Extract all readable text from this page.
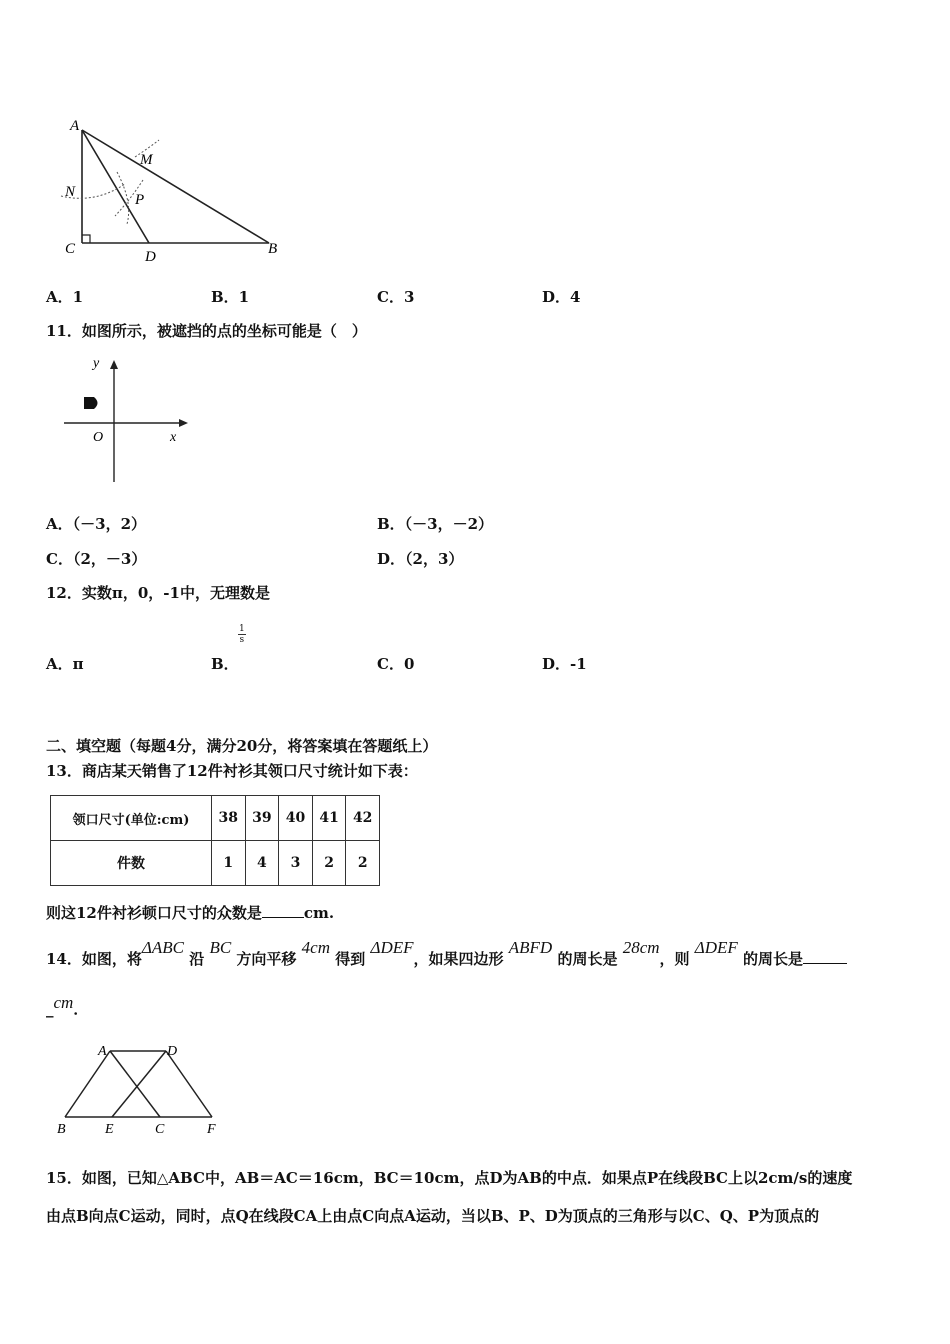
A
M
N	P
C	D	B
A．1	B．1	C．3	D．4
11．如图所示，被遮挡的点的坐标可能是（　）
y
x
O
A．（－3，2）	B．（－3，－2）
C．（2，－3）	D．（2，3）
12．实数π，0，-1中，无理数是
$\frac{1}{s}$
A．π	B．	C．0	D．-1
二、填空题（每题4分，满分20分，将答案填在答题纸上）
13．商店某天销售了12件衬衫其领口尺寸统计如下表：
领口尺寸(单位:cm)	38	39	40	41	42
件数	1	4	3	2	2
则这12件衬衫顿口尺寸的众数是	cm.
14．如图，将ΔABC 沿 BC 方向平移 4cm 得到 ΔDEF，如果四边形 ABFD 的周长是 28cm，则 ΔDEF 的周长是
_cm．
A	D
B	E	C	F
15．如图，已知△ABC中，AB＝AC＝16cm，BC＝10cm，点D为AB的中点．如果点P在线段BC上以2cm/s的速度
由点B向点C运动，同时，点Q在线段CA上由点C向点A运动，当以B、P、D为顶点的三角形与以C、Q、P为顶点的
